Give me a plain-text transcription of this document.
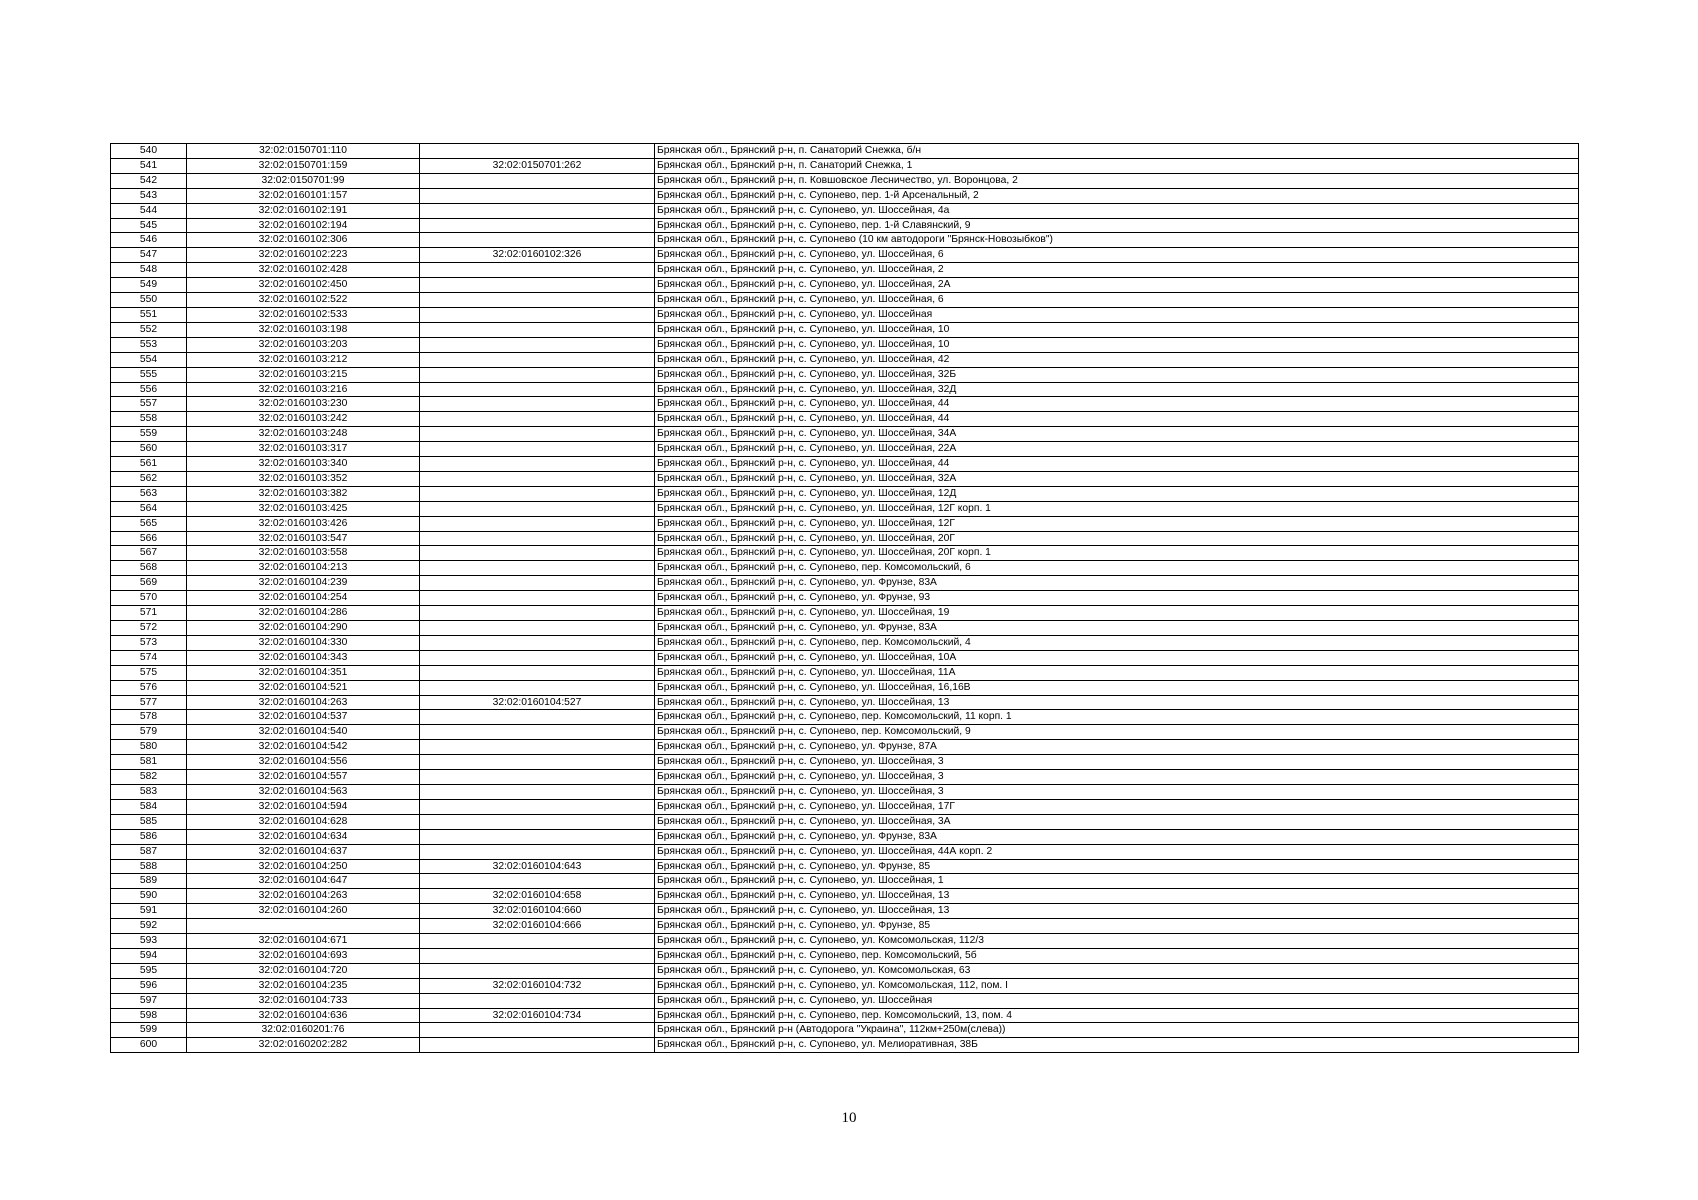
540	32:02:0150701:110		Брянская обл., Брянский р-н, п. Санаторий Снежка, б/н
541	32:02:0150701:159	32:02:0150701:262	Брянская обл., Брянский р-н, п. Санаторий Снежка, 1
542	32:02:0150701:99		Брянская обл., Брянский р-н, п. Ковшовское Лесничество, ул. Воронцова, 2
543	32:02:0160101:157		Брянская обл., Брянский р-н, с. Супонево, пер. 1-й Арсенальный, 2
544	32:02:0160102:191		Брянская обл., Брянский р-н, с. Супонево, ул. Шоссейная, 4а
545	32:02:0160102:194		Брянская обл., Брянский р-н, с. Супонево, пер. 1-й Славянский, 9
546	32:02:0160102:306		Брянская обл., Брянский р-н, с. Супонево (10 км автодороги "Брянск-Новозыбков")
547	32:02:0160102:223	32:02:0160102:326	Брянская обл., Брянский р-н, с. Супонево, ул. Шоссейная, 6
548	32:02:0160102:428		Брянская обл., Брянский р-н, с. Супонево, ул. Шоссейная, 2
549	32:02:0160102:450		Брянская обл., Брянский р-н, с. Супонево, ул. Шоссейная, 2А
550	32:02:0160102:522		Брянская обл., Брянский р-н, с. Супонево, ул. Шоссейная, 6
551	32:02:0160102:533		Брянская обл., Брянский р-н, с. Супонево, ул. Шоссейная
552	32:02:0160103:198		Брянская обл., Брянский р-н, с. Супонево, ул. Шоссейная, 10
553	32:02:0160103:203		Брянская обл., Брянский р-н, с. Супонево, ул. Шоссейная, 10
554	32:02:0160103:212		Брянская обл., Брянский р-н, с. Супонево, ул. Шоссейная, 42
555	32:02:0160103:215		Брянская обл., Брянский р-н, с. Супонево, ул. Шоссейная, 32Б
556	32:02:0160103:216		Брянская обл., Брянский р-н, с. Супонево, ул. Шоссейная, 32Д
557	32:02:0160103:230		Брянская обл., Брянский р-н, с. Супонево, ул. Шоссейная, 44
558	32:02:0160103:242		Брянская обл., Брянский р-н, с. Супонево, ул. Шоссейная, 44
559	32:02:0160103:248		Брянская обл., Брянский р-н, с. Супонево, ул. Шоссейная, 34А
560	32:02:0160103:317		Брянская обл., Брянский р-н, с. Супонево, ул. Шоссейная, 22А
561	32:02:0160103:340		Брянская обл., Брянский р-н, с. Супонево, ул. Шоссейная, 44
562	32:02:0160103:352		Брянская обл., Брянский р-н, с. Супонево, ул. Шоссейная, 32А
563	32:02:0160103:382		Брянская обл., Брянский р-н, с. Супонево, ул. Шоссейная, 12Д
564	32:02:0160103:425		Брянская обл., Брянский р-н, с. Супонево, ул. Шоссейная, 12Г корп. 1
565	32:02:0160103:426		Брянская обл., Брянский р-н, с. Супонево, ул. Шоссейная, 12Г
566	32:02:0160103:547		Брянская обл., Брянский р-н, с. Супонево, ул. Шоссейная, 20Г
567	32:02:0160103:558		Брянская обл., Брянский р-н, с. Супонево, ул. Шоссейная, 20Г корп. 1
568	32:02:0160104:213		Брянская обл., Брянский р-н, с. Супонево, пер. Комсомольский, 6
569	32:02:0160104:239		Брянская обл., Брянский р-н, с. Супонево, ул. Фрунзе, 83А
570	32:02:0160104:254		Брянская обл., Брянский р-н, с. Супонево, ул. Фрунзе, 93
571	32:02:0160104:286		Брянская обл., Брянский р-н, с. Супонево, ул. Шоссейная, 19
572	32:02:0160104:290		Брянская обл., Брянский р-н, с. Супонево, ул. Фрунзе, 83А
573	32:02:0160104:330		Брянская обл., Брянский р-н, с. Супонево, пер. Комсомольский, 4
574	32:02:0160104:343		Брянская обл., Брянский р-н, с. Супонево, ул. Шоссейная, 10А
575	32:02:0160104:351		Брянская обл., Брянский р-н, с. Супонево, ул. Шоссейная, 11А
576	32:02:0160104:521		Брянская обл., Брянский р-н, с. Супонево, ул. Шоссейная, 16,16В
577	32:02:0160104:263	32:02:0160104:527	Брянская обл., Брянский р-н, с. Супонево, ул. Шоссейная, 13
578	32:02:0160104:537		Брянская обл., Брянский р-н, с. Супонево, пер. Комсомольский, 11 корп. 1
579	32:02:0160104:540		Брянская обл., Брянский р-н, с. Супонево, пер. Комсомольский, 9
580	32:02:0160104:542		Брянская обл., Брянский р-н, с. Супонево, ул. Фрунзе, 87А
581	32:02:0160104:556		Брянская обл., Брянский р-н, с. Супонево, ул. Шоссейная, 3
582	32:02:0160104:557		Брянская обл., Брянский р-н, с. Супонево, ул. Шоссейная, 3
583	32:02:0160104:563		Брянская обл., Брянский р-н, с. Супонево, ул. Шоссейная, 3
584	32:02:0160104:594		Брянская обл., Брянский р-н, с. Супонево, ул. Шоссейная, 17Г
585	32:02:0160104:628		Брянская обл., Брянский р-н, с. Супонево, ул. Шоссейная, 3А
586	32:02:0160104:634		Брянская обл., Брянский р-н, с. Супонево, ул. Фрунзе, 83А
587	32:02:0160104:637		Брянская обл., Брянский р-н, с. Супонево, ул. Шоссейная, 44А корп. 2
588	32:02:0160104:250	32:02:0160104:643	Брянская обл., Брянский р-н, с. Супонево, ул. Фрунзе, 85
589	32:02:0160104:647		Брянская обл., Брянский р-н, с. Супонево, ул. Шоссейная, 1
590	32:02:0160104:263	32:02:0160104:658	Брянская обл., Брянский р-н, с. Супонево, ул. Шоссейная, 13
591	32:02:0160104:260	32:02:0160104:660	Брянская обл., Брянский р-н, с. Супонево, ул. Шоссейная, 13
592		32:02:0160104:666	Брянская обл., Брянский р-н, с. Супонево, ул. Фрунзе, 85
593	32:02:0160104:671		Брянская обл., Брянский р-н, с. Супонево, ул. Комсомольская, 112/3
594	32:02:0160104:693		Брянская обл., Брянский р-н, с. Супонево, пер. Комсомольский, 5б
595	32:02:0160104:720		Брянская обл., Брянский р-н, с. Супонево, ул. Комсомольская, 63
596	32:02:0160104:235	32:02:0160104:732	Брянская обл., Брянский р-н, с. Супонево, ул. Комсомольская, 112, пом. I
597	32:02:0160104:733		Брянская обл., Брянский р-н, с. Супонево, ул. Шоссейная
598	32:02:0160104:636	32:02:0160104:734	Брянская обл., Брянский р-н, с. Супонево, пер. Комсомольский, 13, пом. 4
599	32:02:0160201:76		Брянская обл., Брянский р-н (Автодорога "Украина", 112км+250м(слева))
600	32:02:0160202:282		Брянская обл., Брянский р-н, с. Супонево, ул. Мелиоративная, 38Б
10
